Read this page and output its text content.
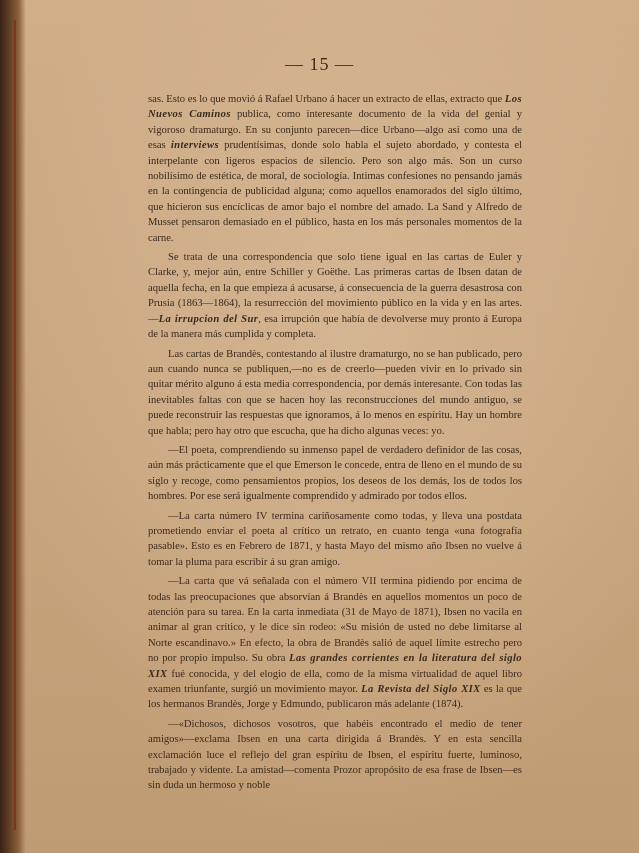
— 15 —

sas. Esto es lo que movió á Rafael Urbano á hacer un extracto de ellas, extracto que Los Nuevos Caminos publica, como interesante documento de la vida del genial y vigoroso dramaturgo. En su conjunto parecen—dice Urbano—algo así como una de esas interviews prudentísimas, donde solo habla el sujeto abordado, y contesta el interpelante con ligeros espacios de silencio. Pero son algo más. Son un curso nobilísimo de estética, de moral, de sociología. Intimas confesiones no pensando jamás en la contingencia de publicidad alguna; como aquellos enamorados del siglo último, que hicieron sus encíclicas de amor bajo el nombre del amado. La Sand y Alfredo de Musset pensaron demasiado en el público, hasta en los más personales momentos de la carne.

Se trata de una correspondencia que solo tiene igual en las cartas de Euler y Clarke, y, mejor aún, entre Schiller y Goëthe. Las primeras cartas de Ibsen datan de aquella fecha, en la que empieza á acusarse, á consecuencia de la guerra desastrosa con Prusia (1863—1864), la resurrección del movimiento público en la vida y en las artes.—La irrupcion del Sur, esa irrupción que había de devolverse muy pronto á Europa de la manera más cumplida y completa.

Las cartas de Brandès, contestando al ilustre dramaturgo, no se han publicado, pero aun cuando nunca se publiquen,—no es de creerlo—pueden vivir en lo privado sin quitar mérito alguno á esta media correspondencia, por demás interesante. Con todas las inevitables faltas con que se hacen hoy las reconstrucciones del mundo antiguo, se puede reconstruir las respuestas que ignoramos, á lo menos en espíritu. Hay un hombre que habla; pero hay otro que escucha, que ha dicho algunas veces: yo.

—El poeta, comprendiendo su inmenso papel de verdadero definidor de las cosas, aún más prácticamente que el que Emerson le concede, entra de lleno en el mundo de su siglo y recoge, como pensamientos propios, los deseos de los demás, los de todos los hombres. Por ese será igualmente comprendido y admirado por todos ellos.

—La carta número IV termina cariñosamente como todas, y lleva una postdata prometiendo enviar el poeta al crítico un retrato, en cuanto tenga «una fotografía pasable». Esto es en Febrero de 1871, y hasta Mayo del mismo año Ibsen no vuelve á tomar la pluma para escribir á su gran amigo.

—La carta que vá señalada con el número VII termina pidiendo por encima de todas las preocupaciones que absorvían á Brandès en aquellos momentos un poco de atención para su tarea. En la carta inmediata (31 de Mayo de 1871), Ibsen no vacila en animar al gran crítico, y le dice sin rodeo: «Su misión de usted no debe limitarse al Norte escandinavo.» En efecto, la obra de Brandès salió de aquel límite estrecho pero no por propio impulso. Su obra Las grandes corrientes en la literatura del siglo XIX fué conocida, y del elogio de ella, como de la misma virtualidad de aquel libro examen triunfante, surgió un movimiento mayor. La Revista del Siglo XIX es la que los hermanos Brandès, Jorge y Edmundo, publicaron más adelante (1874).

—«Dichosos, dichosos vosotros, que habéis encontrado el medio de tener amigos»—exclama Ibsen en una carta dirigida á Brandès. Y en esta sencilla exclamación luce el reflejo del gran espíritu de Ibsen, el espíritu fuerte, luminoso, trabajado y vidente. La amistad—comenta Prozor apropósito de esa frase de Ibsen—es sin duda un hermoso y noble
